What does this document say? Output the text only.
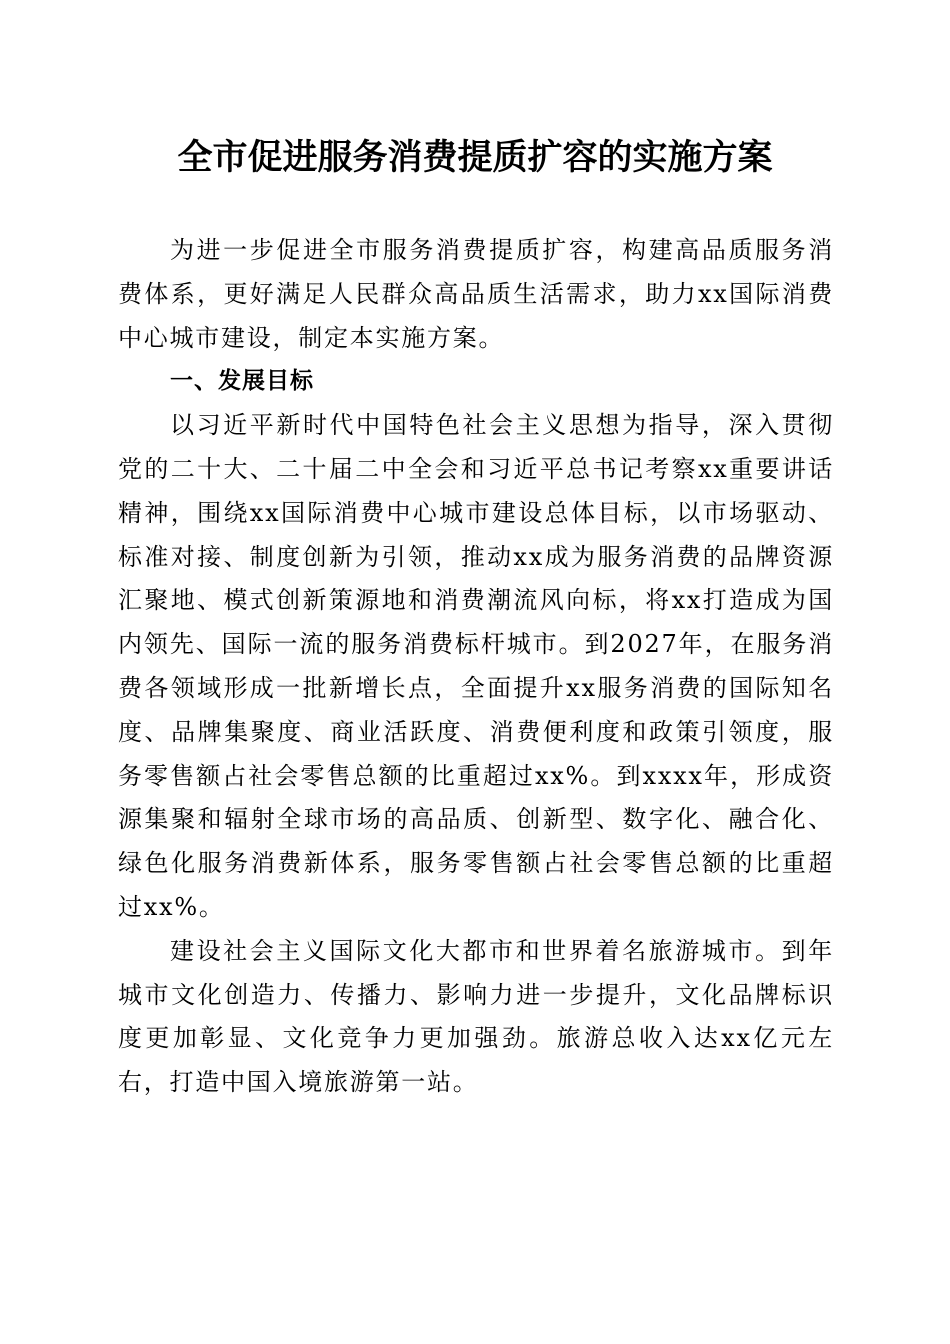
全市促进服务消费提质扩容的实施方案

为进一步促进全市服务消费提质扩容，构建高品质服务消费体系，更好满足人民群众高品质生活需求，助力xx国际消费中心城市建设，制定本实施方案。

一、发展目标

以习近平新时代中国特色社会主义思想为指导，深入贯彻党的二十大、二十届二中全会和习近平总书记考察xx重要讲话精神，围绕xx国际消费中心城市建设总体目标，以市场驱动、标准对接、制度创新为引领，推动xx成为服务消费的品牌资源汇聚地、模式创新策源地和消费潮流风向标，将xx打造成为国内领先、国际一流的服务消费标杆城市。到2027年，在服务消费各领域形成一批新增长点，全面提升xx服务消费的国际知名度、品牌集聚度、商业活跃度、消费便利度和政策引领度，服务零售额占社会零售总额的比重超过xx%。到xxxx年，形成资源集聚和辐射全球市场的高品质、创新型、数字化、融合化、绿色化服务消费新体系，服务零售额占社会零售总额的比重超过xx%。

建设社会主义国际文化大都市和世界着名旅游城市。到年城市文化创造力、传播力、影响力进一步提升，文化品牌标识度更加彰显、文化竞争力更加强劲。旅游总收入达xx亿元左右，打造中国入境旅游第一站。
